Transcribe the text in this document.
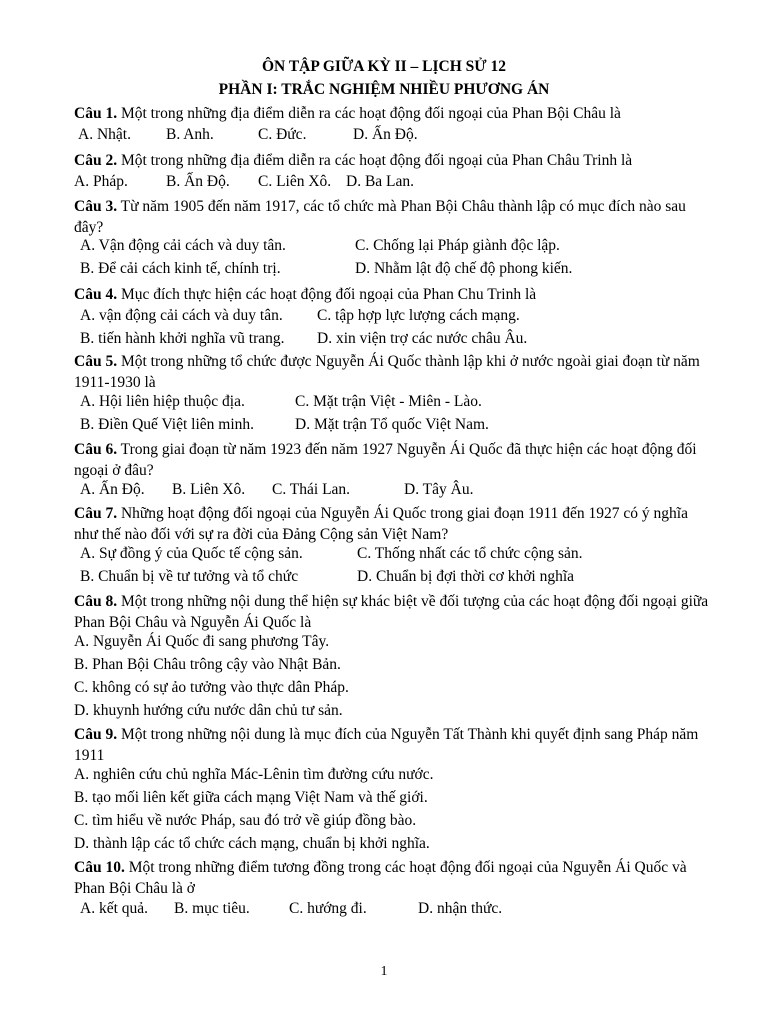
ÔN TẬP GIỮA KỲ II – LỊCH SỬ 12
PHẦN I: TRẮC NGHIỆM NHIỀU PHƯƠNG ÁN
Câu 1. Một trong những địa điểm diễn ra các hoạt động đối ngoại của Phan Bội Châu là
A. Nhật. B. Anh.	C. Đức.	D. Ấn Độ.
Câu 2. Một trong những địa điểm diễn ra các hoạt động đối ngoại của Phan Châu Trinh là
A. Pháp. B. Ấn Độ. C. Liên Xô. D. Ba Lan.
Câu 3. Từ năm 1905 đến năm 1917, các tổ chức mà Phan Bội Châu thành lập có mục đích nào sau đây?
A. Vận động cải cách và duy tân.	C. Chống lại Pháp giành độc lập.
B. Để cải cách kinh tế, chính trị.	D. Nhằm lật độ chế độ phong kiến.
Câu 4. Mục đích thực hiện các hoạt động đối ngoại của Phan Chu Trinh là
A. vận động cải cách và duy tân. C. tập hợp lực lượng cách mạng.
B. tiến hành khởi nghĩa vũ trang. D. xin viện trợ các nước châu Âu.
Câu 5. Một trong những tổ chức được Nguyễn Ái Quốc thành lập khi ở nước ngoài giai đoạn từ năm 1911-1930 là
A. Hội liên hiệp thuộc địa.	C. Mặt trận Việt - Miên - Lào.
B. Điền Quế Việt liên minh.	D. Mặt trận Tổ quốc Việt Nam.
Câu 6. Trong giai đoạn từ năm 1923 đến năm 1927 Nguyễn Ái Quốc đã thực hiện các hoạt động đối ngoại ở đâu?
A. Ấn Độ. B. Liên Xô. C. Thái Lan.	D. Tây Âu.
Câu 7. Những hoạt động đối ngoại của Nguyễn Ái Quốc trong giai đoạn 1911 đến 1927 có ý nghĩa như thế nào đối với sự ra đời của Đảng Cộng sản Việt Nam?
A. Sự đồng ý của Quốc tế cộng sản.	C. Thống nhất các tổ chức cộng sản.
B. Chuẩn bị về tư tưởng và tổ chức	D. Chuẩn bị đợi thời cơ khởi nghĩa
Câu 8. Một trong những nội dung thể hiện sự khác biệt về đối tượng của các hoạt động đối ngoại giữa Phan Bội Châu và Nguyễn Ái Quốc là
A. Nguyễn Ái Quốc đi sang phương Tây.
B. Phan Bội Châu trông cậy vào Nhật Bản.
C. không có sự ảo tưởng vào thực dân Pháp.
D. khuynh hướng cứu nước dân chủ tư sản.
Câu 9. Một trong những nội dung là mục đích của Nguyễn Tất Thành khi quyết định sang Pháp năm 1911
A. nghiên cứu chủ nghĩa Mác-Lênin tìm đường cứu nước.
B. tạo mối liên kết giữa cách mạng Việt Nam và thế giới.
C. tìm hiểu về nước Pháp, sau đó trở về giúp đồng bào.
D. thành lập các tổ chức cách mạng, chuẩn bị khởi nghĩa.
Câu 10. Một trong những điểm tương đồng trong các hoạt động đối ngoại của Nguyễn Ái Quốc và Phan Bội Châu là ở
A. kết quả. B. mục tiêu.	C. hướng đi.	D. nhận thức.
1
